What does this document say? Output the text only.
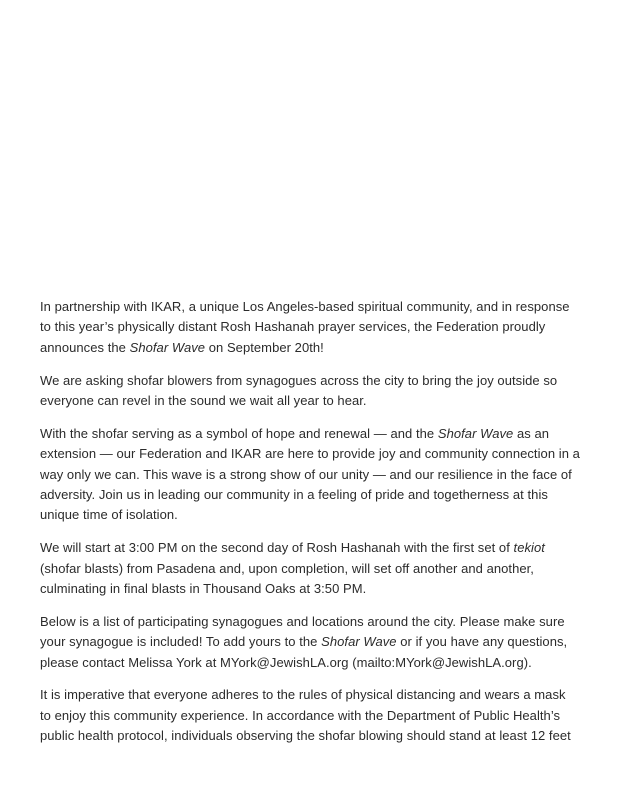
In partnership with IKAR, a unique Los Angeles-based spiritual community, and in response to this year’s physically distant Rosh Hashanah prayer services, the Federation proudly announces the Shofar Wave on September 20th!

We are asking shofar blowers from synagogues across the city to bring the joy outside so everyone can revel in the sound we wait all year to hear.

With the shofar serving as a symbol of hope and renewal — and the Shofar Wave as an extension — our Federation and IKAR are here to provide joy and community connection in a way only we can. This wave is a strong show of our unity — and our resilience in the face of adversity. Join us in leading our community in a feeling of pride and togetherness at this unique time of isolation.

We will start at 3:00 PM on the second day of Rosh Hashanah with the first set of tekiot (shofar blasts) from Pasadena and, upon completion, will set off another and another, culminating in final blasts in Thousand Oaks at 3:50 PM.

Below is a list of participating synagogues and locations around the city. Please make sure your synagogue is included! To add yours to the Shofar Wave or if you have any questions, please contact Melissa York at MYork@JewishLA.org (mailto:MYork@JewishLA.org).

It is imperative that everyone adheres to the rules of physical distancing and wears a mask to enjoy this community experience. In accordance with the Department of Public Health’s public health protocol, individuals observing the shofar blowing should stand at least 12 feet
